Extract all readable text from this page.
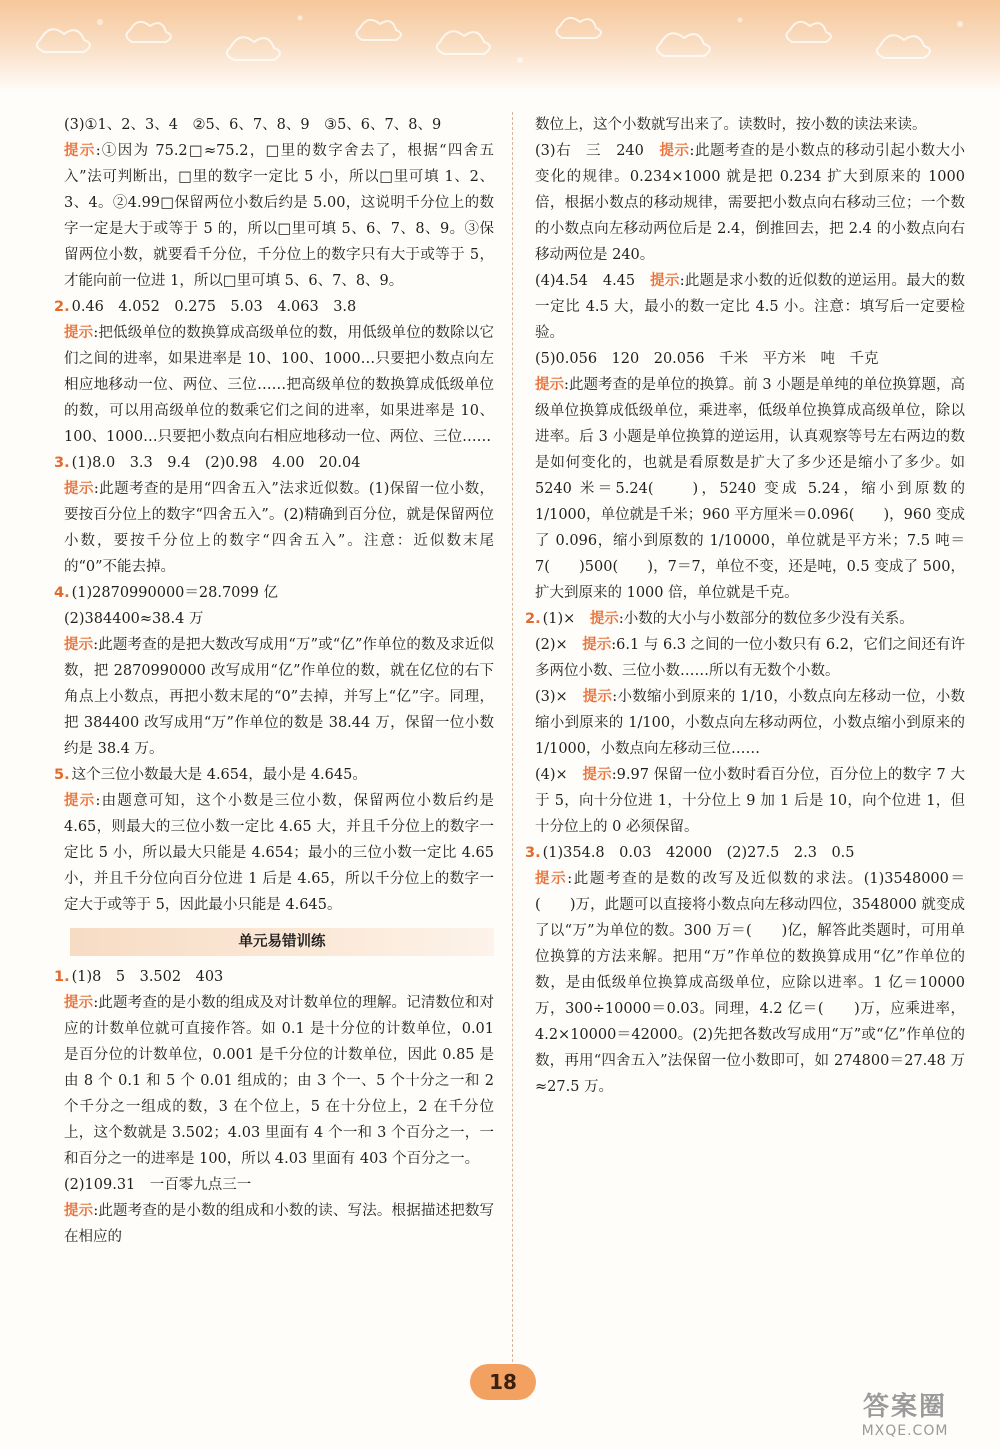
(3)①1、2、3、4　②5、6、7、8、9　③5、6、7、8、9

提示:①因为 75.2□≈75.2，□里的数字舍去了，根据“四舍五入”法可判断出，□里的数字一定比 5 小，所以□里可填 1、2、3、4。②4.99□保留两位小数后约是 5.00，这说明千分位上的数字一定是大于或等于 5 的，所以□里可填 5、6、7、8、9。③保留两位小数，就要看千分位，千分位上的数字只有大于或等于 5，才能向前一位进 1，所以□里可填 5、6、7、8、9。

2. 0.46　4.052　0.275　5.03　4.063　3.8

提示:把低级单位的数换算成高级单位的数，用低级单位的数除以它们之间的进率，如果进率是 10、100、1000…只要把小数点向左相应地移动一位、两位、三位……把高级单位的数换算成低级单位的数，可以用高级单位的数乘它们之间的进率，如果进率是 10、100、1000…只要把小数点向右相应地移动一位、两位、三位……

3. (1)8.0　3.3　9.4　(2)0.98　4.00　20.04

提示:此题考查的是用“四舍五入”法求近似数。(1)保留一位小数，要按百分位上的数字“四舍五入”。(2)精确到百分位，就是保留两位小数，要按千分位上的数字“四舍五入”。注意：近似数末尾的“0”不能去掉。

4. (1)2870990000＝28.7099 亿

(2)384400≈38.4 万

提示:此题考查的是把大数改写成用“万”或“亿”作单位的数及求近似数，把 2870990000 改写成用“亿”作单位的数，就在亿位的右下角点上小数点，再把小数末尾的“0”去掉，并写上“亿”字。同理，把 384400 改写成用“万”作单位的数是 38.44 万，保留一位小数约是 38.4 万。

5. 这个三位小数最大是 4.654，最小是 4.645。

提示:由题意可知，这个小数是三位小数，保留两位小数后约是 4.65，则最大的三位小数一定比 4.65 大，并且千分位上的数字一定比 5 小，所以最大只能是 4.654；最小的三位小数一定比 4.65 小，并且千分位向百分位进 1 后是 4.65，所以千分位上的数字一定大于或等于 5，因此最小只能是 4.645。

单元易错训练

1. (1)8　5　3.502　403

提示:此题考查的是小数的组成及对计数单位的理解。记清数位和对应的计数单位就可直接作答。如 0.1 是十分位的计数单位，0.01 是百分位的计数单位，0.001 是千分位的计数单位，因此 0.85 是由 8 个 0.1 和 5 个 0.01 组成的；由 3 个一、5 个十分之一和 2 个千分之一组成的数，3 在个位上，5 在十分位上，2 在千分位上，这个数就是 3.502；4.03 里面有 4 个一和 3 个百分之一，一和百分之一的进率是 100，所以 4.03 里面有 403 个百分之一。

(2)109.31　一百零九点三一

提示:此题考查的是小数的组成和小数的读、写法。根据描述把数写在相应的

数位上，这个小数就写出来了。读数时，按小数的读法来读。

(3)右　三　240　 提示:此题考查的是小数点的移动引起小数大小变化的规律。0.234×1000 就是把 0.234 扩大到原来的 1000 倍，根据小数点的移动规律，需要把小数点向右移动三位；一个数的小数点向左移动两位后是 2.4，倒推回去，把 2.4 的小数点向右移动两位是 240。

(4)4.54　4.45　 提示:此题是求小数的近似数的逆运用。最大的数一定比 4.5 大，最小的数一定比 4.5 小。注意：填写后一定要检验。

(5)0.056　120　20.056　千米　平方米　吨　千克

提示:此题考查的是单位的换算。前 3 小题是单纯的单位换算题，高级单位换算成低级单位，乘进率，低级单位换算成高级单位，除以进率。后 3 小题是单位换算的逆运用，认真观察等号左右两边的数是如何变化的，也就是看原数是扩大了多少还是缩小了多少。如 5240 米＝5.24(　　)，5240 变成 5.24，缩小到原数的 1/1000，单位就是千米；960 平方厘米＝0.096(　　)，960 变成了 0.096，缩小到原数的 1/10000，单位就是平方米；7.5 吨＝7(　　)500(　　)，7＝7，单位不变，还是吨，0.5 变成了 500，扩大到原来的 1000 倍，单位就是千克。

2. (1)×　 提示:小数的大小与小数部分的数位多少没有关系。

(2)×　 提示:6.1 与 6.3 之间的一位小数只有 6.2，它们之间还有许多两位小数、三位小数……所以有无数个小数。

(3)×　 提示:小数缩小到原来的 1/10，小数点向左移动一位，小数缩小到原来的 1/100，小数点向左移动两位，小数点缩小到原来的 1/1000，小数点向左移动三位……

(4)×　 提示:9.97 保留一位小数时看百分位，百分位上的数字 7 大于 5，向十分位进 1，十分位上 9 加 1 后是 10，向个位进 1，但十分位上的 0 必须保留。

3. (1)354.8　0.03　42000　(2)27.5　2.3　0.5

提示:此题考查的是数的改写及近似数的求法。(1)3548000＝(　　)万，此题可以直接将小数点向左移动四位，3548000 就变成了以“万”为单位的数。300 万＝(　　)亿，解答此类题时，可用单位换算的方法来解。把用“万”作单位的数换算成用“亿”作单位的数，是由低级单位换算成高级单位，应除以进率。1 亿＝10000 万，300÷10000＝0.03。同理，4.2 亿＝(　　)万，应乘进率，4.2×10000＝42000。(2)先把各数改写成用“万”或“亿”作单位的数，再用“四舍五入”法保留一位小数即可，如 274800＝27.48 万≈27.5 万。

18
答案圈
MXQE.COM
